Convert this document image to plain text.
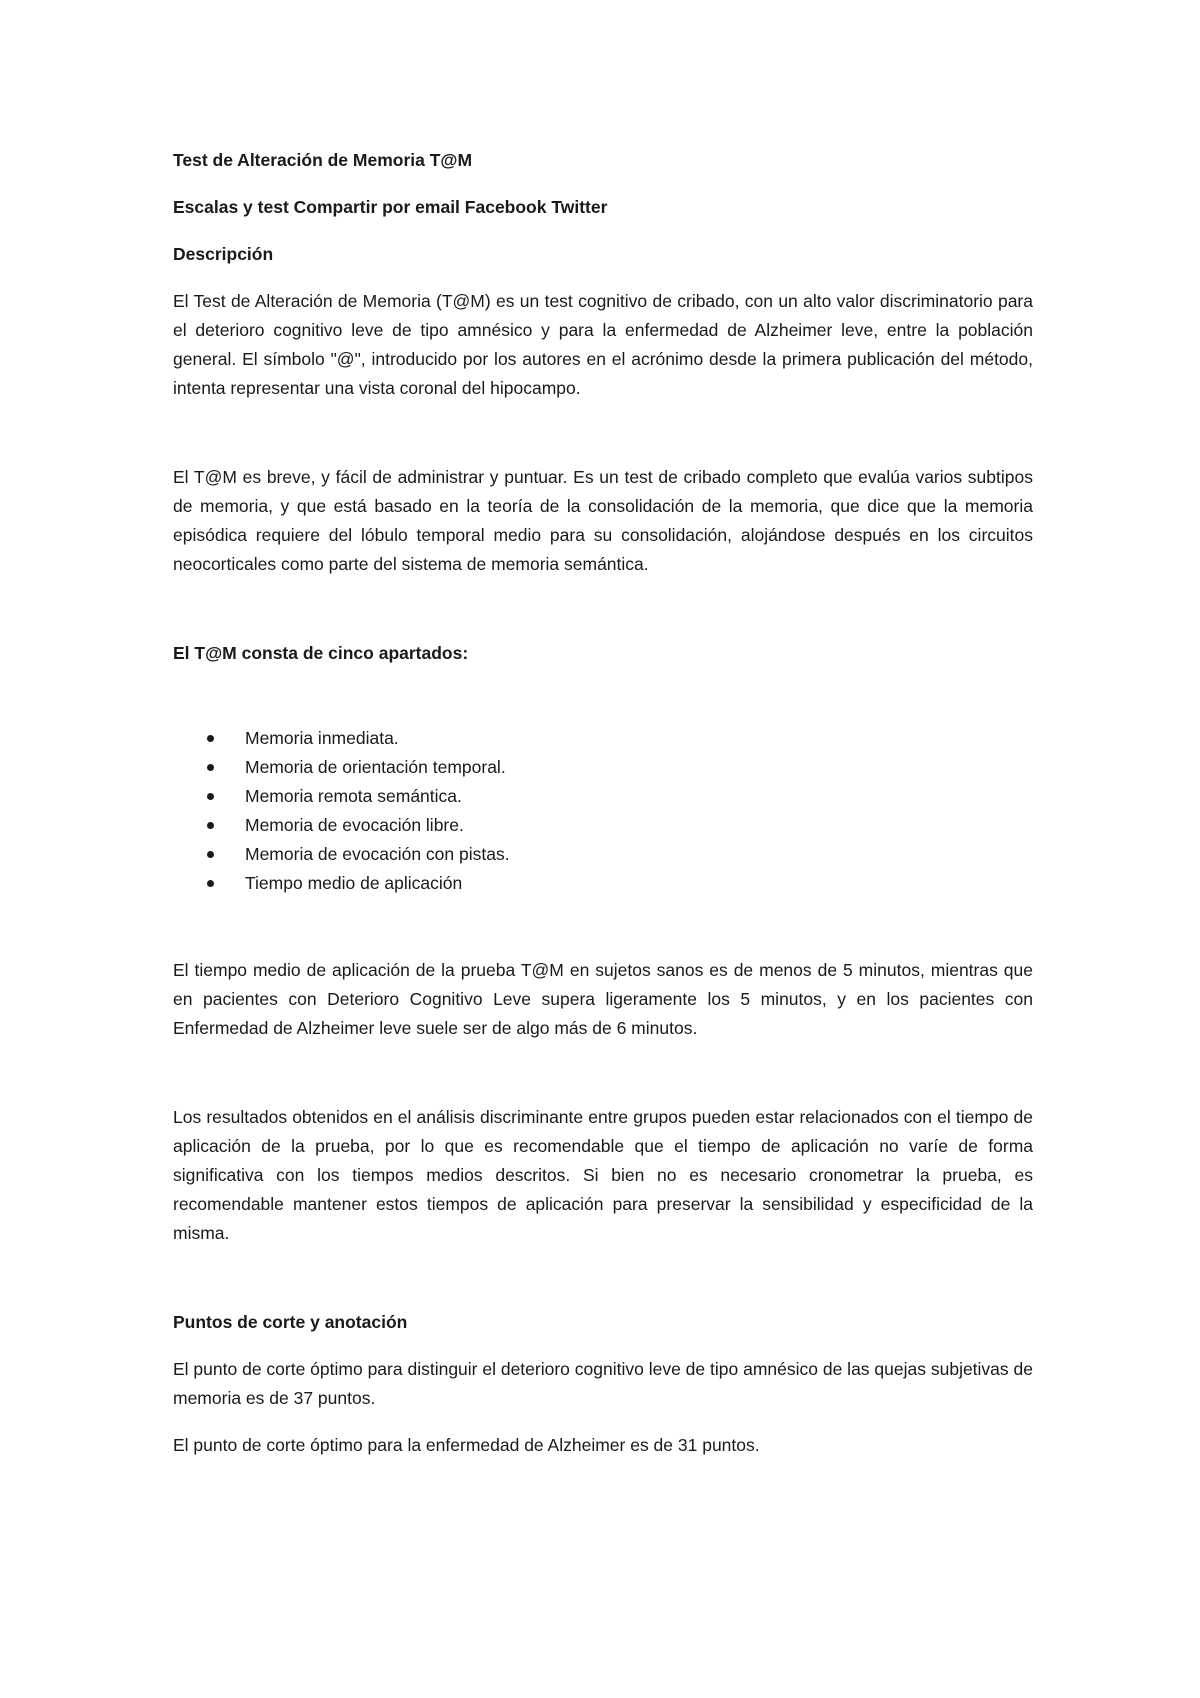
Test de Alteración de Memoria T@M

Escalas y test Compartir por email Facebook Twitter

Descripción

El Test de Alteración de Memoria (T@M) es un test cognitivo de cribado, con un alto valor discriminatorio para el deterioro cognitivo leve de tipo amnésico y para la enfermedad de Alzheimer leve, entre la población general. El símbolo "@", introducido por los autores en el acrónimo desde la primera publicación del método, intenta representar una vista coronal del hipocampo.

El T@M es breve, y fácil de administrar y puntuar. Es un test de cribado completo que evalúa varios subtipos de memoria, y que está basado en la teoría de la consolidación de la memoria, que dice que la memoria episódica requiere del lóbulo temporal medio para su consolidación, alojándose después en los circuitos neocorticales como parte del sistema de memoria semántica.

El T@M consta de cinco apartados:

Memoria inmediata.
Memoria de orientación temporal.
Memoria remota semántica.
Memoria de evocación libre.
Memoria de evocación con pistas.
Tiempo medio de aplicación

El tiempo medio de aplicación de la prueba T@M en sujetos sanos es de menos de 5 minutos, mientras que en pacientes con Deterioro Cognitivo Leve supera ligeramente los 5 minutos, y en los pacientes con Enfermedad de Alzheimer leve suele ser de algo más de 6 minutos.

Los resultados obtenidos en el análisis discriminante entre grupos pueden estar relacionados con el tiempo de aplicación de la prueba, por lo que es recomendable que el tiempo de aplicación no varíe de forma significativa con los tiempos medios descritos. Si bien no es necesario cronometrar la prueba, es recomendable mantener estos tiempos de aplicación para preservar la sensibilidad y especificidad de la misma.

Puntos de corte y anotación

El punto de corte óptimo para distinguir el deterioro cognitivo leve de tipo amnésico de las quejas subjetivas de memoria es de 37 puntos.

El punto de corte óptimo para la enfermedad de Alzheimer es de 31 puntos.
